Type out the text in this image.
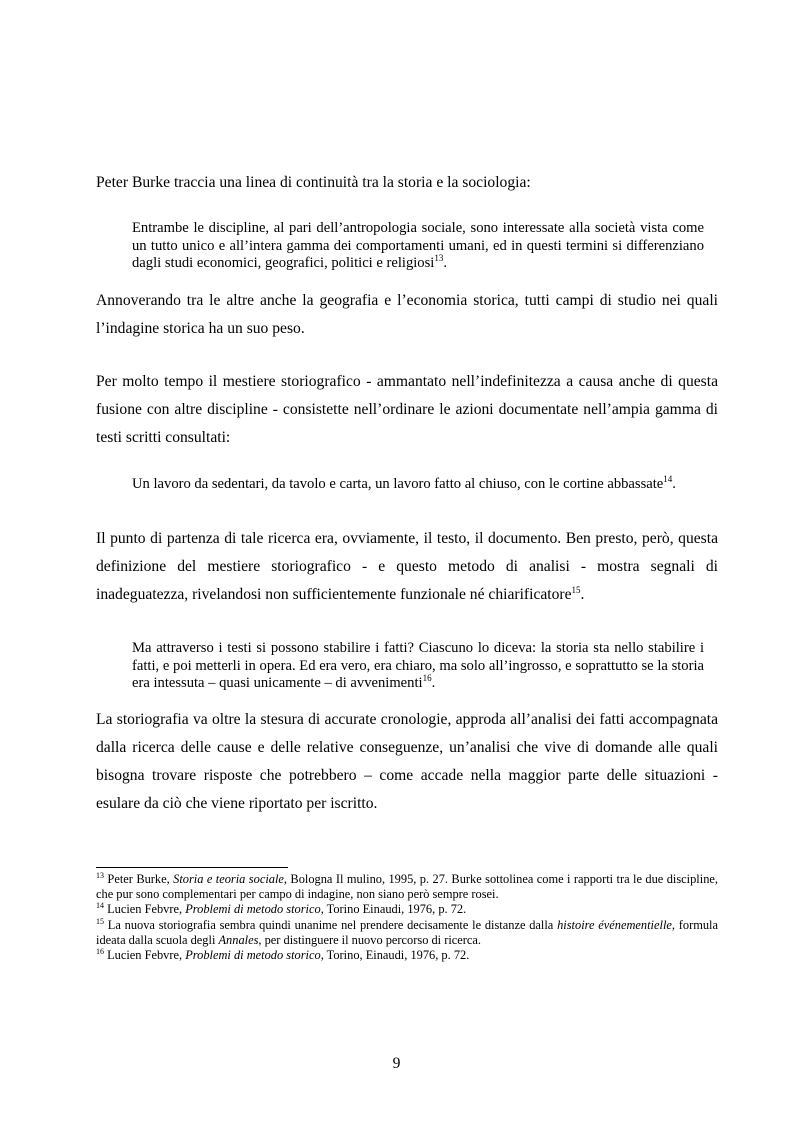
Peter Burke traccia una linea di continuità tra la storia e la sociologia:

Entrambe le discipline, al pari dell’antropologia sociale, sono interessate alla società vista come un tutto unico e all’intera gamma dei comportamenti umani, ed in questi termini si differenziano dagli studi economici, geografici, politici e religiosi$^{13}$.

Annoverando tra le altre anche la geografia e l’economia storica, tutti campi di studio nei quali l’indagine storica ha un suo peso.

Per molto tempo il mestiere storiografico - ammantato nell’indefinitezza a causa anche di questa fusione con altre discipline - consistette nell’ordinare le azioni documentate nell’ampia gamma di testi scritti consultati:

Un lavoro da sedentari, da tavolo e carta, un lavoro fatto al chiuso, con le cortine abbassate$^{14}$.

Il punto di partenza di tale ricerca era, ovviamente, il testo, il documento. Ben presto, però, questa definizione del mestiere storiografico - e questo metodo di analisi - mostra segnali di inadeguatezza, rivelandosi non sufficientemente funzionale né chiarificatore$^{15}$.

Ma attraverso i testi si possono stabilire i fatti? Ciascuno lo diceva: la storia sta nello stabilire i fatti, e poi metterli in opera. Ed era vero, era chiaro, ma solo all’ingrosso, e soprattutto se la storia era intessuta – quasi unicamente – di avvenimenti$^{16}$.

La storiografia va oltre la stesura di accurate cronologie, approda all’analisi dei fatti accompagnata dalla ricerca delle cause e delle relative conseguenze, un’analisi che vive di domande alle quali bisogna trovare risposte che potrebbero – come accade nella maggior parte delle situazioni - esulare da ciò che viene riportato per iscritto.

$^{13}$ Peter Burke, Storia e teoria sociale, Bologna Il mulino, 1995, p. 27. Burke sottolinea come i rapporti tra le due discipline, che pur sono complementari per campo di indagine, non siano però sempre rosei.

$^{14}$ Lucien Febvre, Problemi di metodo storico, Torino Einaudi, 1976, p. 72.

$^{15}$ La nuova storiografia sembra quindi unanime nel prendere decisamente le distanze dalla histoire événementielle, formula ideata dalla scuola degli Annales, per distinguere il nuovo percorso di ricerca.

$^{16}$ Lucien Febvre, Problemi di metodo storico, Torino, Einaudi, 1976, p. 72.

9
